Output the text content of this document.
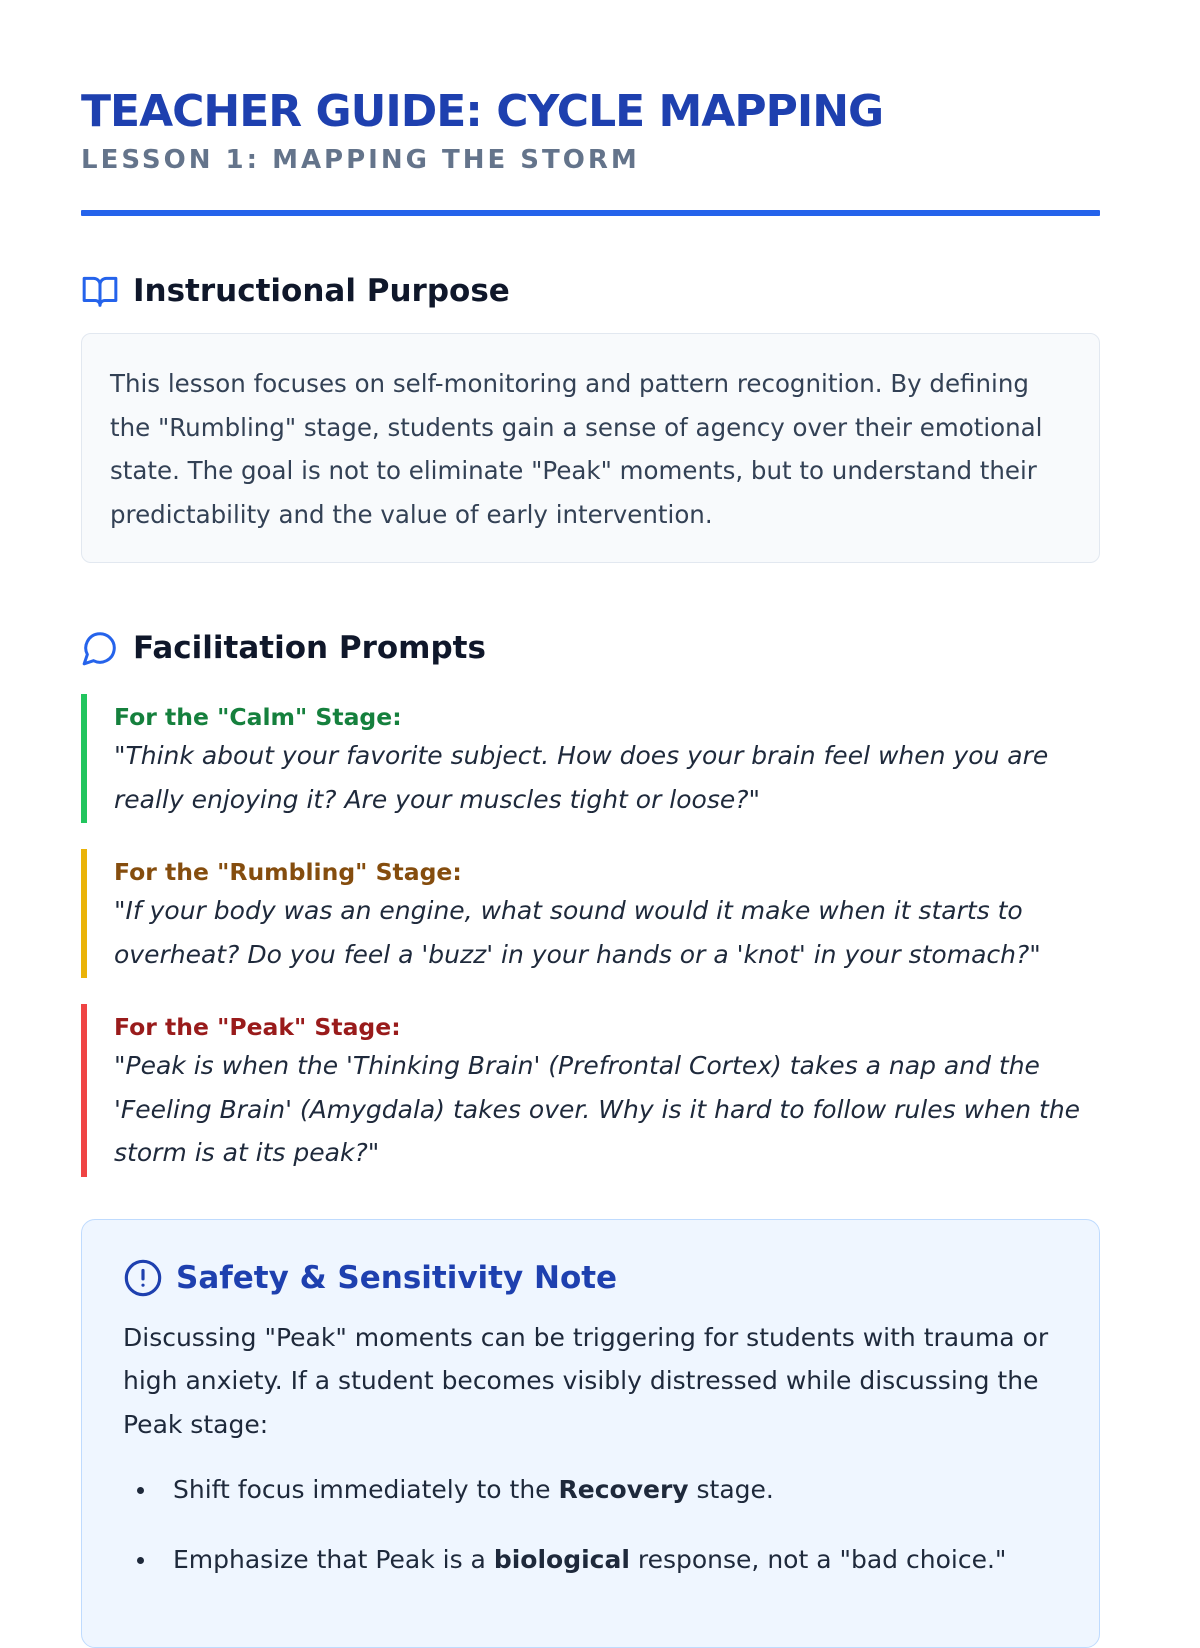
TEACHER GUIDE: CYCLE MAPPING
LESSON 1: MAPPING THE STORM
Instructional Purpose
This lesson focuses on self-monitoring and pattern recognition. By defining the "Rumbling" stage, students gain a sense of agency over their emotional state. The goal is not to eliminate "Peak" moments, but to understand their predictability and the value of early intervention.
Facilitation Prompts
For the "Calm" Stage:
"Think about your favorite subject. How does your brain feel when you are really enjoying it? Are your muscles tight or loose?"
For the "Rumbling" Stage:
"If your body was an engine, what sound would it make when it starts to overheat? Do you feel a 'buzz' in your hands or a 'knot' in your stomach?"
For the "Peak" Stage:
"Peak is when the 'Thinking Brain' (Prefrontal Cortex) takes a nap and the 'Feeling Brain' (Amygdala) takes over. Why is it hard to follow rules when the storm is at its peak?"
Safety & Sensitivity Note

Discussing "Peak" moments can be triggering for students with trauma or high anxiety. If a student becomes visibly distressed while discussing the Peak stage:

Shift focus immediately to the Recovery stage.
Emphasize that Peak is a biological response, not a "bad choice."
